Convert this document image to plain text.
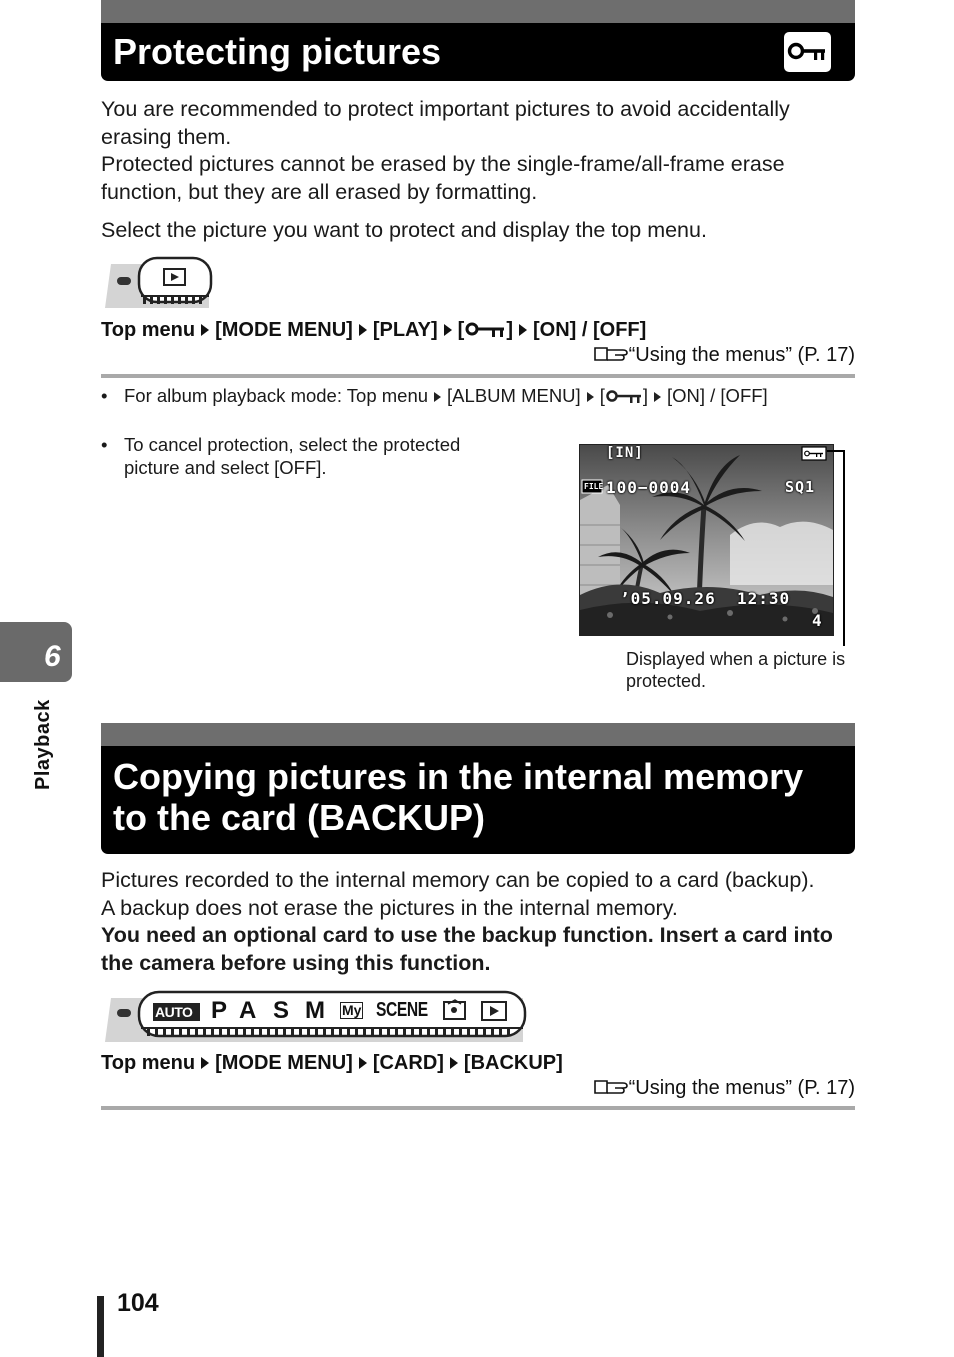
Protecting pictures
You are recommended to protect important pictures to avoid accidentally erasing them.
Protected pictures cannot be erased by the single-frame/all-frame erase function, but they are all erased by formatting.
Select the picture you want to protect and display the top menu.
Top menu [MODE MENU] [PLAY] [ ] [ON] / [OFF]
“Using the menus” (P. 17)
• For album playback mode: Top menu [ALBUM MENU] [ ] [ON] / [OFF]
• To cancel protection, select the protected
picture and select [OFF].
[IN]
FILE 100−0004	SQ1
’05.09.26  12:30
4
Displayed when a picture is
protected.
Copying pictures in the internal memory
to the card (BACKUP)
Pictures recorded to the internal memory can be copied to a card (backup).
A backup does not erase the pictures in the internal memory.
You need an optional card to use the backup function. Insert a card into the camera before using this function.
AUTO P A S M My SCENE
Top menu [MODE MENU] [CARD] [BACKUP]
“Using the menus” (P. 17)
6
Playback
104
